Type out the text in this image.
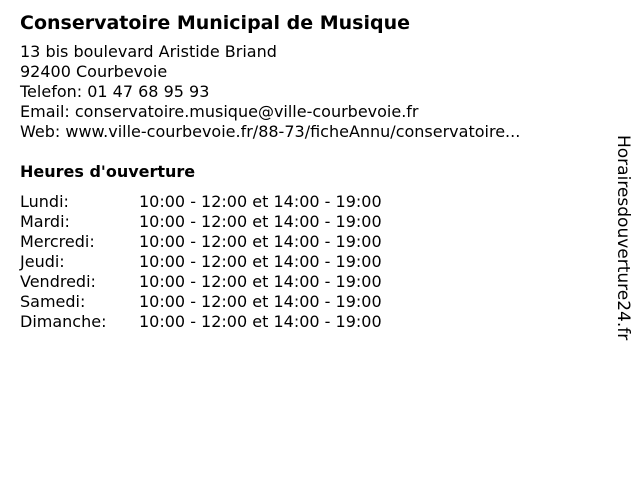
Conservatoire Municipal de Musique
13 bis boulevard Aristide Briand
92400 Courbevoie
Telefon: 01 47 68 95 93
Email: conservatoire.musique@ville-courbevoie.fr
Web: www.ville-courbevoie.fr/88-73/ficheAnnu/conservatoire...
Heures d'ouverture
Lundi:	10:00 - 12:00 et 14:00 - 19:00
Mardi:	10:00 - 12:00 et 14:00 - 19:00
Mercredi:	10:00 - 12:00 et 14:00 - 19:00
Jeudi:	10:00 - 12:00 et 14:00 - 19:00
Vendredi:	10:00 - 12:00 et 14:00 - 19:00
Samedi:	10:00 - 12:00 et 14:00 - 19:00
Dimanche:	10:00 - 12:00 et 14:00 - 19:00	Horairesdouverture24.fr
